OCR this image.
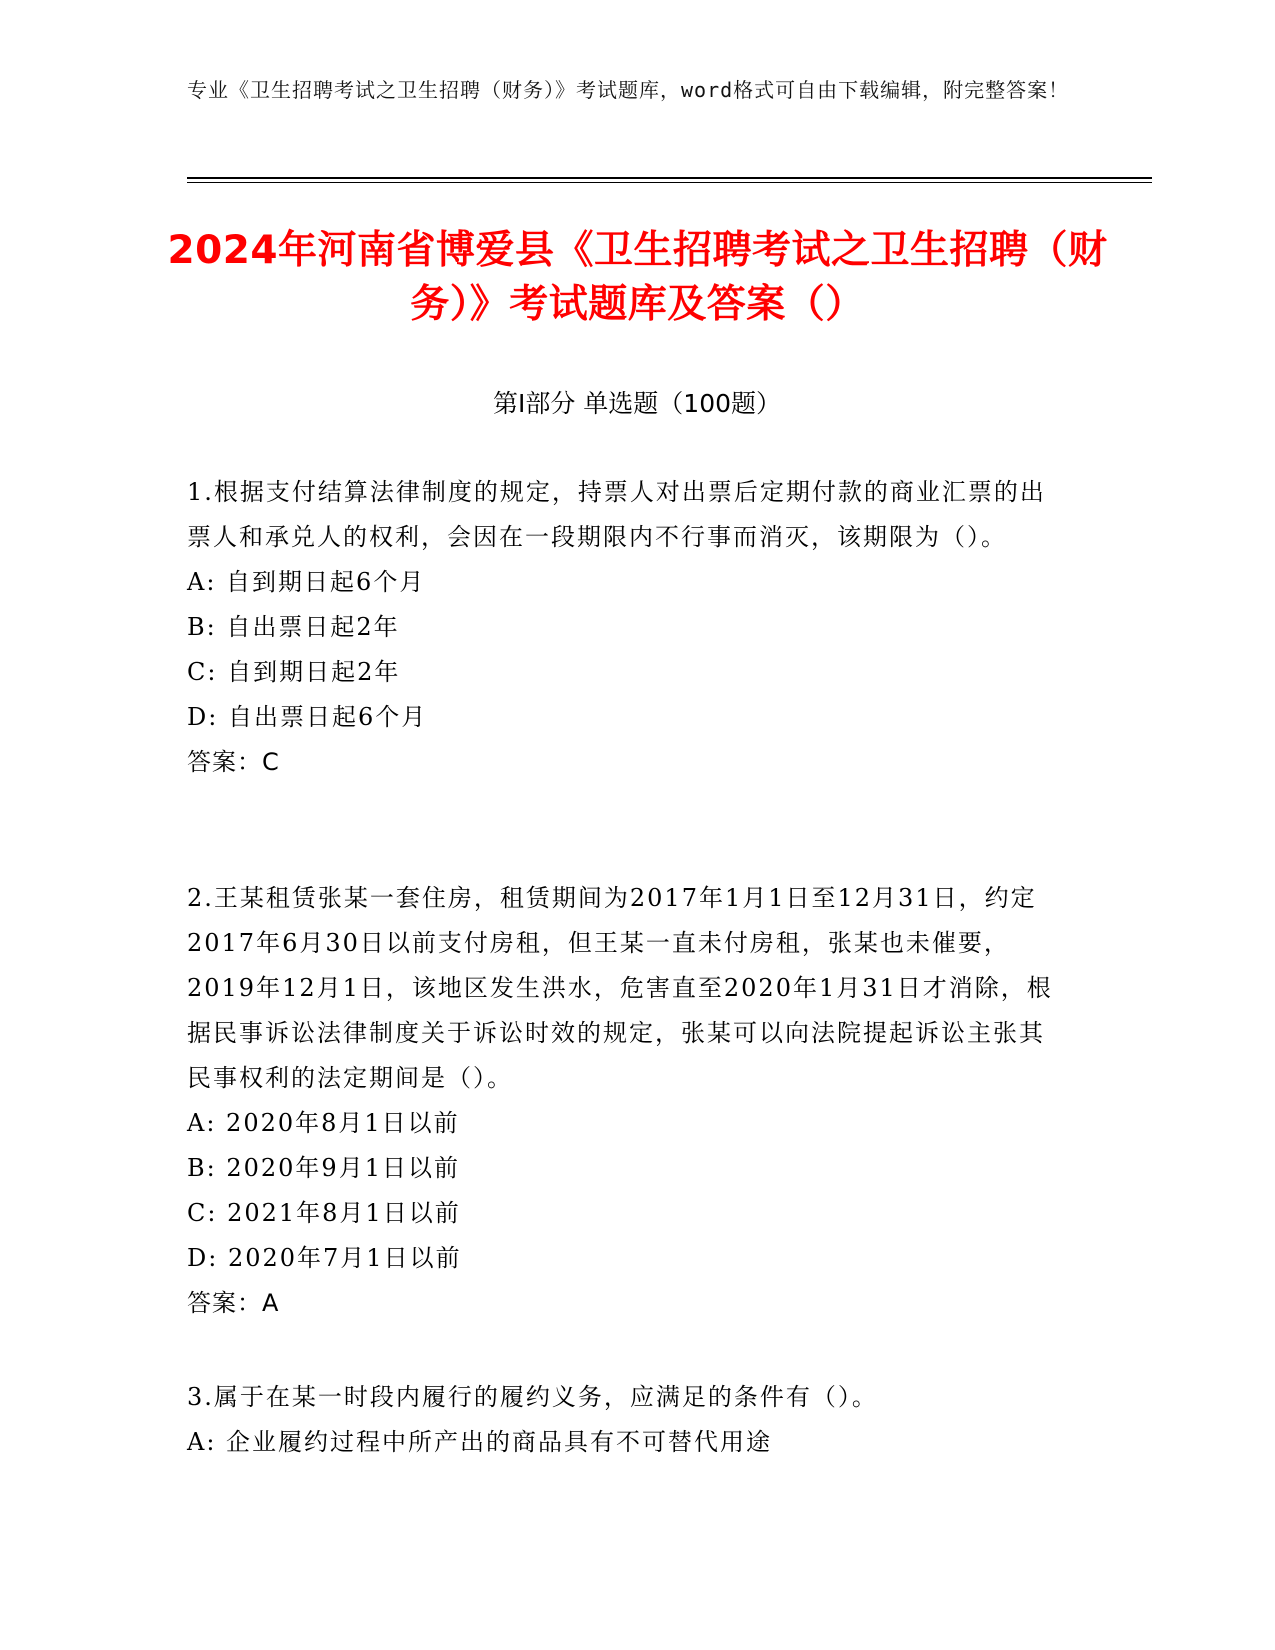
专业《卫生招聘考试之卫生招聘（财务）》考试题库，word格式可自由下载编辑，附完整答案！
2024年河南省博爱县《卫生招聘考试之卫生招聘（财务）》考试题库及答案（）
第Ⅰ部分 单选题（100题）
1.根据支付结算法律制度的规定，持票人对出票后定期付款的商业汇票的出票人和承兑人的权利，会因在一段期限内不行事而消灭，该期限为（）。
A: 自到期日起6个月
B: 自出票日起2年
C: 自到期日起2年
D: 自出票日起6个月
答案：C
2.王某租赁张某一套住房，租赁期间为2017年1月1日至12月31日，约定2017年6月30日以前支付房租，但王某一直未付房租，张某也未催要，2019年12月1日，该地区发生洪水，危害直至2020年1月31日才消除，根据民事诉讼法律制度关于诉讼时效的规定，张某可以向法院提起诉讼主张其民事权利的法定期间是（）。
A: 2020年8月1日以前
B: 2020年9月1日以前
C: 2021年8月1日以前
D: 2020年7月1日以前
答案：A
3.属于在某一时段内履行的履约义务，应满足的条件有（）。
A: 企业履约过程中所产出的商品具有不可替代用途
